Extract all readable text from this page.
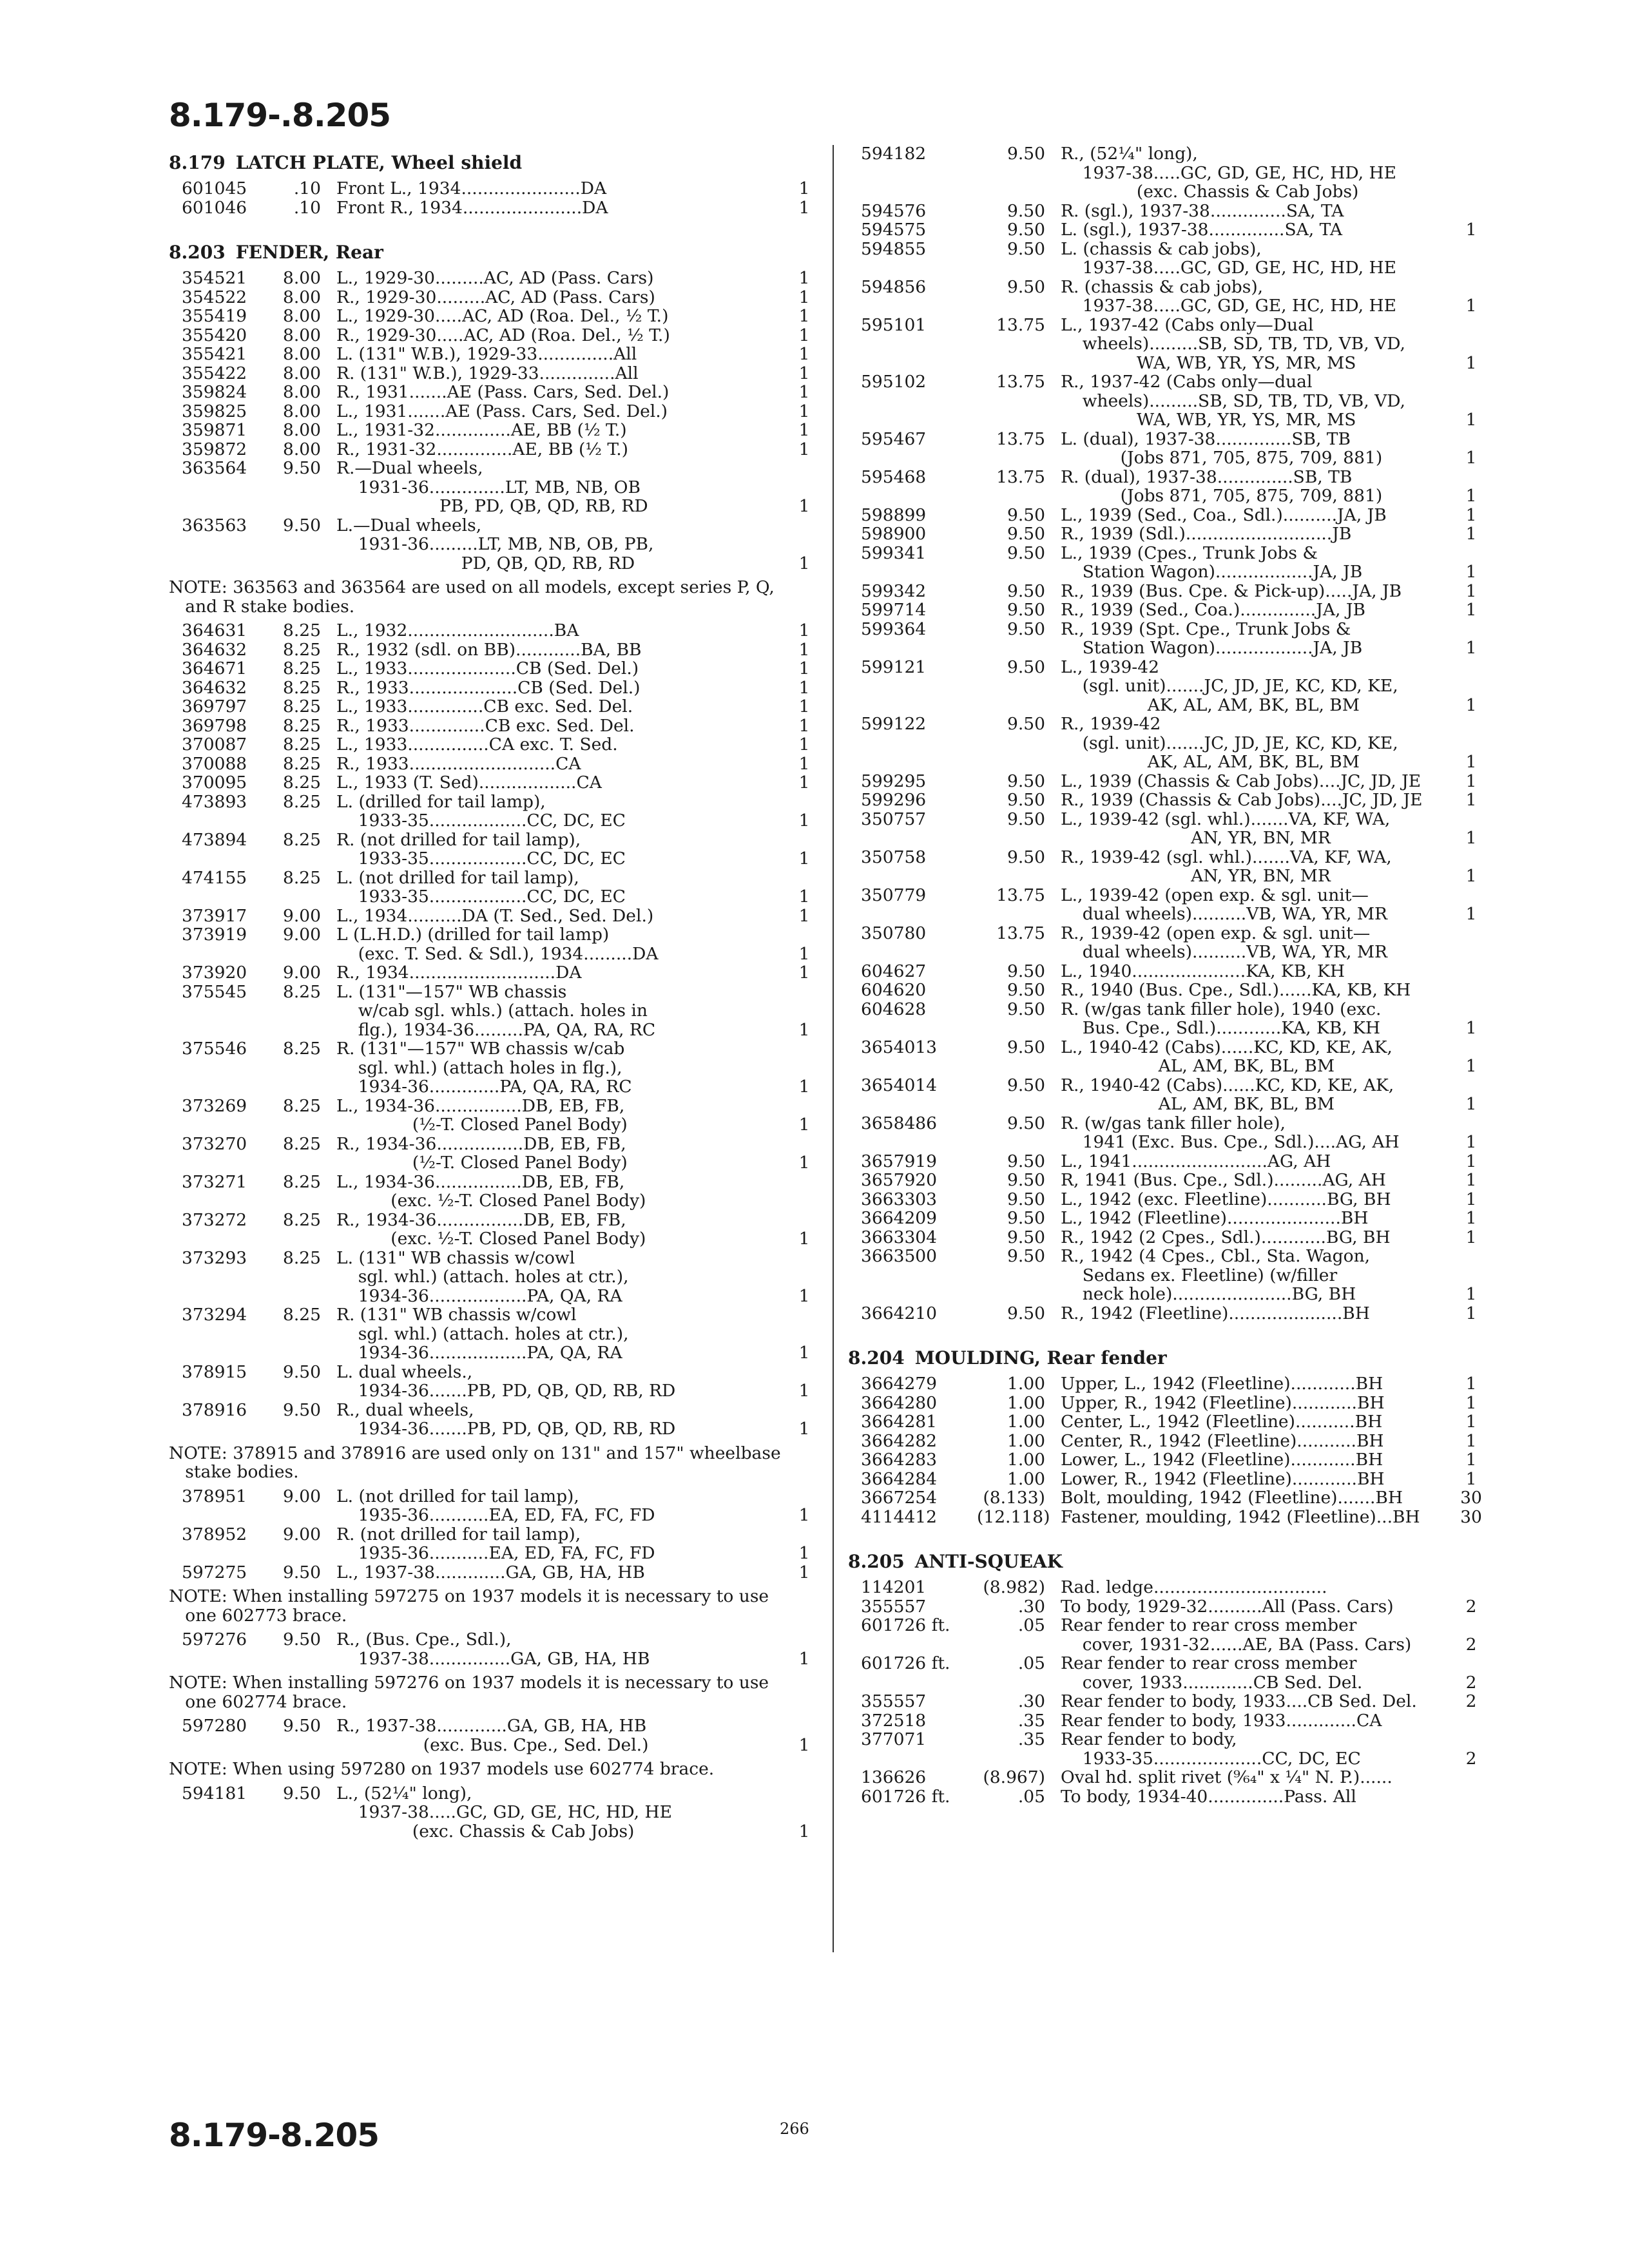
8.179-.8.205
8.179 LATCH PLATE, Wheel shield
601045	.10 Front L., 1934......................DA	1
601046	.10 Front R., 1934......................DA	1
8.203 FENDER, Rear
354521	8.00 L., 1929-30.........AC, AD (Pass. Cars)	1
354522	8.00 R., 1929-30.........AC, AD (Pass. Cars)	1
355419	8.00 L., 1929-30.....AC, AD (Roa. Del., ½ T.)	1
355420	8.00 R., 1929-30.....AC, AD (Roa. Del., ½ T.)	1
355421	8.00 L. (131" W.B.), 1929-33..............All	1
355422	8.00 R. (131" W.B.), 1929-33..............All	1
359824	8.00 R., 1931.......AE (Pass. Cars, Sed. Del.)	1
359825	8.00 L., 1931.......AE (Pass. Cars, Sed. Del.)	1
359871	8.00 L., 1931-32..............AE, BB (½ T.)	1
359872	8.00 R., 1931-32..............AE, BB (½ T.)	1
363564	9.50 R.—Dual wheels,
1931-36..............LT, MB, NB, OB
PB, PD, QB, QD, RB, RD	1
363563	9.50 L.—Dual wheels,
1931-36.........LT, MB, NB, OB, PB,
PD, QB, QD, RB, RD	1
NOTE: 363563 and 363564 are used on all models, except series P, Q,
and R stake bodies.
364631	8.25 L., 1932...........................BA	1
364632	8.25 R., 1932 (sdl. on BB)............BA, BB	1
364671	8.25 L., 1933....................CB (Sed. Del.)	1
364632	8.25 R., 1933....................CB (Sed. Del.)	1
369797	8.25 L., 1933..............CB exc. Sed. Del.	1
369798	8.25 R., 1933..............CB exc. Sed. Del.	1
370087	8.25 L., 1933...............CA exc. T. Sed.	1
370088	8.25 R., 1933...........................CA	1
370095	8.25 L., 1933 (T. Sed)..................CA	1
473893	8.25 L. (drilled for tail lamp),
1933-35..................CC, DC, EC	1
473894	8.25 R. (not drilled for tail lamp),
1933-35..................CC, DC, EC	1
474155	8.25 L. (not drilled for tail lamp),
1933-35..................CC, DC, EC	1
373917	9.00 L., 1934..........DA (T. Sed., Sed. Del.)	1
373919	9.00 L (L.H.D.) (drilled for tail lamp)
(exc. T. Sed. & Sdl.), 1934.........DA	1
373920	9.00 R., 1934...........................DA	1
375545	8.25 L. (131"—157" WB chassis
w/cab sgl. whls.) (attach. holes in
flg.), 1934-36.........PA, QA, RA, RC	1
375546	8.25 R. (131"—157" WB chassis w/cab
sgl. whl.) (attach holes in flg.),
1934-36.............PA, QA, RA, RC	1
373269	8.25 L., 1934-36................DB, EB, FB,
(½-T. Closed Panel Body)	1
373270	8.25 R., 1934-36................DB, EB, FB,
(½-T. Closed Panel Body)	1
373271	8.25 L., 1934-36................DB, EB, FB,
(exc. ½-T. Closed Panel Body)
373272	8.25 R., 1934-36................DB, EB, FB,
(exc. ½-T. Closed Panel Body)	1
373293	8.25 L. (131" WB chassis w/cowl
sgl. whl.) (attach. holes at ctr.),
1934-36..................PA, QA, RA	1
373294	8.25 R. (131" WB chassis w/cowl
sgl. whl.) (attach. holes at ctr.),
1934-36..................PA, QA, RA	1
378915	9.50 L. dual wheels.,
1934-36.......PB, PD, QB, QD, RB, RD	1
378916	9.50 R., dual wheels,
1934-36.......PB, PD, QB, QD, RB, RD	1
NOTE: 378915 and 378916 are used only on 131" and 157" wheelbase
stake bodies.
378951	9.00 L. (not drilled for tail lamp),
1935-36...........EA, ED, FA, FC, FD	1
378952	9.00 R. (not drilled for tail lamp),
1935-36...........EA, ED, FA, FC, FD	1
597275	9.50 L., 1937-38.............GA, GB, HA, HB	1
NOTE: When installing 597275 on 1937 models it is necessary to use
one 602773 brace.
597276	9.50 R., (Bus. Cpe., Sdl.),
1937-38...............GA, GB, HA, HB	1
NOTE: When installing 597276 on 1937 models it is necessary to use
one 602774 brace.
597280	9.50 R., 1937-38.............GA, GB, HA, HB
(exc. Bus. Cpe., Sed. Del.)	1
NOTE: When using 597280 on 1937 models use 602774 brace.
594181	9.50 L., (52¼" long),
1937-38.....GC, GD, GE, HC, HD, HE
(exc. Chassis & Cab Jobs)	1
594182	9.50 R., (52¼" long),
1937-38.....GC, GD, GE, HC, HD, HE
(exc. Chassis & Cab Jobs)
594576	9.50 R. (sgl.), 1937-38..............SA, TA
594575	9.50 L. (sgl.), 1937-38..............SA, TA	1
594855	9.50 L. (chassis & cab jobs),
1937-38.....GC, GD, GE, HC, HD, HE
594856	9.50 R. (chassis & cab jobs),
1937-38.....GC, GD, GE, HC, HD, HE	1
595101	13.75 L., 1937-42 (Cabs only—Dual
wheels).........SB, SD, TB, TD, VB, VD,
WA, WB, YR, YS, MR, MS	1
595102	13.75 R., 1937-42 (Cabs only—dual
wheels).........SB, SD, TB, TD, VB, VD,
WA, WB, YR, YS, MR, MS	1
595467	13.75 L. (dual), 1937-38..............SB, TB
(Jobs 871, 705, 875, 709, 881)	1
595468	13.75 R. (dual), 1937-38..............SB, TB
(Jobs 871, 705, 875, 709, 881)	1
598899	9.50 L., 1939 (Sed., Coa., Sdl.)..........JA, JB	1
598900	9.50 R., 1939 (Sdl.)...........................JB	1
599341	9.50 L., 1939 (Cpes., Trunk Jobs &
Station Wagon)..................JA, JB	1
599342	9.50 R., 1939 (Bus. Cpe. & Pick-up).....JA, JB	1
599714	9.50 R., 1939 (Sed., Coa.)..............JA, JB	1
599364	9.50 R., 1939 (Spt. Cpe., Trunk Jobs &
Station Wagon)..................JA, JB	1
599121	9.50 L., 1939-42
(sgl. unit).......JC, JD, JE, KC, KD, KE,
AK, AL, AM, BK, BL, BM	1
599122	9.50 R., 1939-42
(sgl. unit).......JC, JD, JE, KC, KD, KE,
AK, AL, AM, BK, BL, BM	1
599295	9.50 L., 1939 (Chassis & Cab Jobs)....JC, JD, JE	1
599296	9.50 R., 1939 (Chassis & Cab Jobs)....JC, JD, JE	1
350757	9.50 L., 1939-42 (sgl. whl.).......VA, KF, WA,
AN, YR, BN, MR	1
350758	9.50 R., 1939-42 (sgl. whl.).......VA, KF, WA,
AN, YR, BN, MR	1
350779	13.75 L., 1939-42 (open exp. & sgl. unit—
dual wheels)..........VB, WA, YR, MR	1
350780	13.75 R., 1939-42 (open exp. & sgl. unit—
dual wheels)..........VB, WA, YR, MR
604627	9.50 L., 1940.....................KA, KB, KH
604620	9.50 R., 1940 (Bus. Cpe., Sdl.)......KA, KB, KH
604628	9.50 R. (w/gas tank filler hole), 1940 (exc.
Bus. Cpe., Sdl.)............KA, KB, KH	1
3654013	9.50 L., 1940-42 (Cabs)......KC, KD, KE, AK,
AL, AM, BK, BL, BM	1
3654014	9.50 R., 1940-42 (Cabs)......KC, KD, KE, AK,
AL, AM, BK, BL, BM	1
3658486	9.50 R. (w/gas tank filler hole),
1941 (Exc. Bus. Cpe., Sdl.)....AG, AH	1
3657919	9.50 L., 1941.........................AG, AH	1
3657920	9.50 R, 1941 (Bus. Cpe., Sdl.).........AG, AH	1
3663303	9.50 L., 1942 (exc. Fleetline)...........BG, BH	1
3664209	9.50 L., 1942 (Fleetline).....................BH	1
3663304	9.50 R., 1942 (2 Cpes., Sdl.)............BG, BH	1
3663500	9.50 R., 1942 (4 Cpes., Cbl., Sta. Wagon,
Sedans ex. Fleetline) (w/filler
neck hole)......................BG, BH	1
3664210	9.50 R., 1942 (Fleetline).....................BH	1
8.204 MOULDING, Rear fender
3664279	1.00 Upper, L., 1942 (Fleetline)............BH	1
3664280	1.00 Upper, R., 1942 (Fleetline)............BH	1
3664281	1.00 Center, L., 1942 (Fleetline)...........BH	1
3664282	1.00 Center, R., 1942 (Fleetline)...........BH	1
3664283	1.00 Lower, L., 1942 (Fleetline)............BH	1
3664284	1.00 Lower, R., 1942 (Fleetline)............BH	1
3667254	(8.133) Bolt, moulding, 1942 (Fleetline).......BH	30
4114412	(12.118) Fastener, moulding, 1942 (Fleetline)...BH	30
8.205 ANTI-SQUEAK
114201	(8.982) Rad. ledge................................
355557	.30 To body, 1929-32..........All (Pass. Cars)	2
601726 ft.	.05 Rear fender to rear cross member
cover, 1931-32......AE, BA (Pass. Cars)	2
601726 ft.	.05 Rear fender to rear cross member
cover, 1933.............CB Sed. Del.	2
355557	.30 Rear fender to body, 1933....CB Sed. Del.	2
372518	.35 Rear fender to body, 1933.............CA
377071	.35 Rear fender to body,
1933-35....................CC, DC, EC	2
136626	(8.967) Oval hd. split rivet (⁹⁄₆₄" x ¼" N. P.)......
601726 ft.	.05 To body, 1934-40..............Pass. All
8.179-8.205	266
